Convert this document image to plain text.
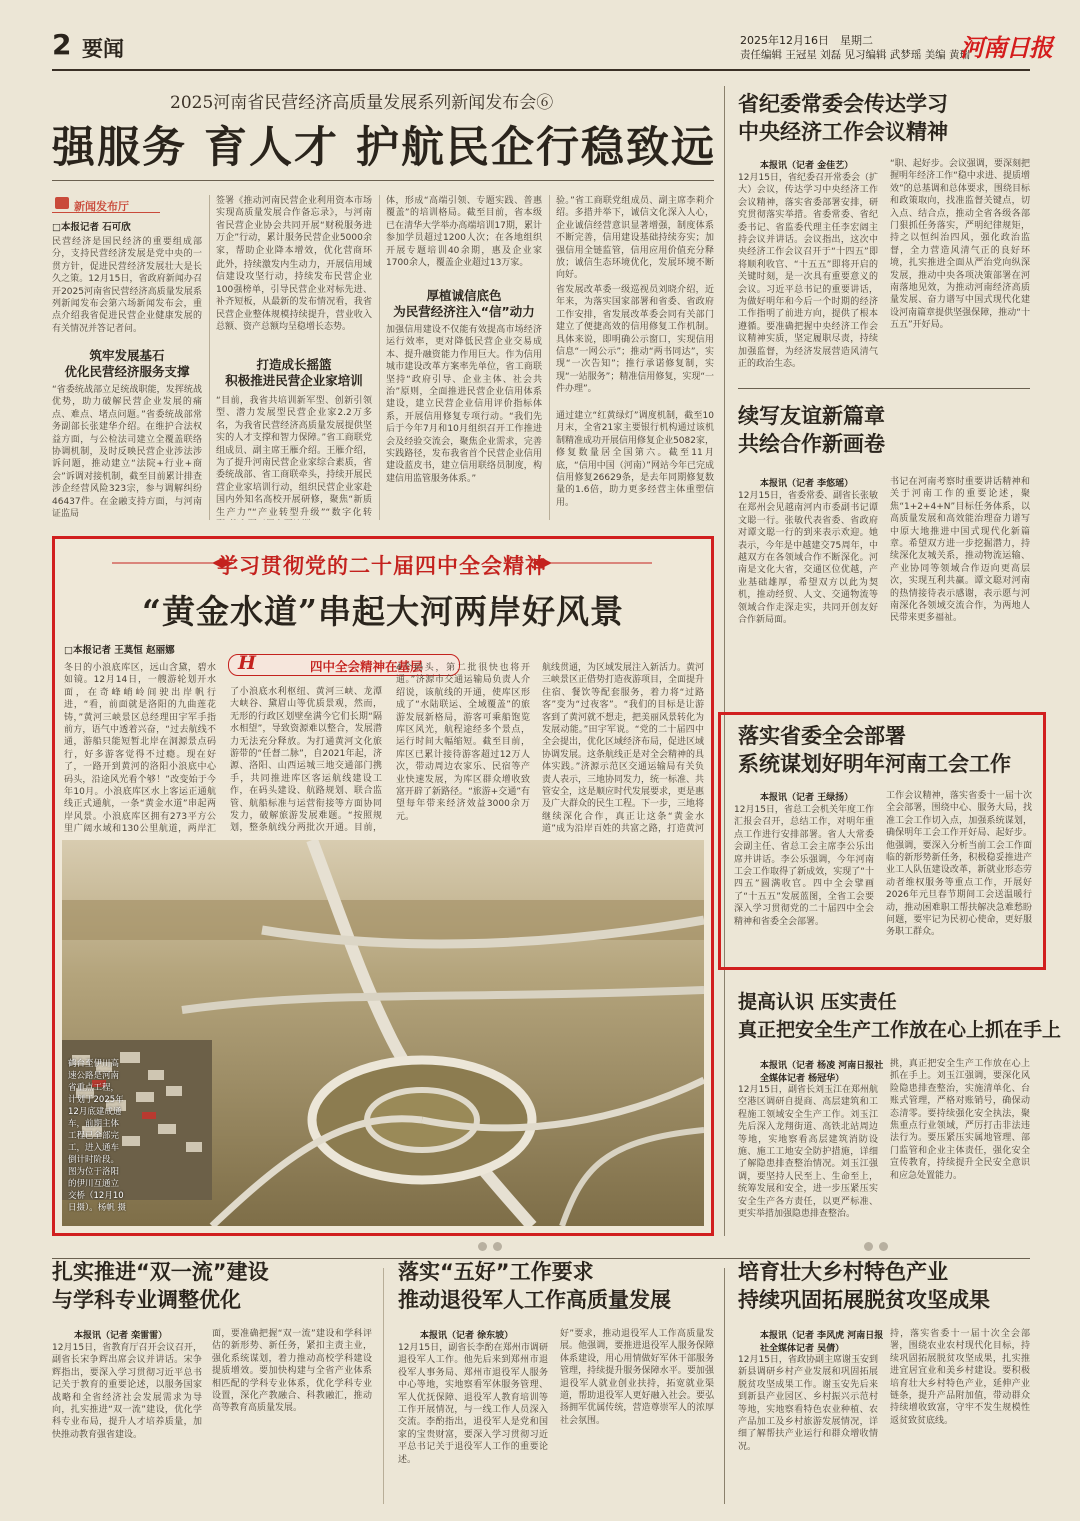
2 要闻	2025年12月16日　星期二
责任编辑 王冠星 刘磊 见习编辑 武梦瑶 美编 黄瑞
河南日报
2025河南省民营经济高质量发展系列新闻发布会⑥
强服务 育人才 护航民企行稳致远
新闻发布厅
□本报记者 石可欣
民营经济是国民经济的重要组成部分，支持民营经济发展是党中央的一贯方针，促进民营经济发展壮大是长久之策。12月15日，省政府新闻办召开2025河南省民营经济高质量发展系列新闻发布会第六场新闻发布会，重点介绍我省促进民营企业健康发展的有关情况并答记者问。
筑牢发展基石
优化民营经济服务支撑
“省委统战部立足统战职能，发挥统战优势，助力破解民营企业发展的痛点、难点、堵点问题。”省委统战部常务副部长张建华介绍。在维护合法权益方面，与公检法司建立全覆盖联络协调机制，及时反映民营企业涉法涉诉问题，推动建立“法院+行业+商会”诉调对接机制，截至目前累计排查涉企经营风险323宗，参与调解纠纷46437件。在金融支持方面，与河南证监局
签署《推动河南民营企业利用资本市场实现高质量发展合作备忘录》，与河南省民营企业协会共同开展“财税服务进万企”行动，累计服务民营企业5000余家，帮助企业降本增效，优化营商环
此外，持续激发内生动力，开展信用域信建设攻坚行动，持续发布民营企业100强榜单，引导民营企业对标先进、补齐短板，从最新的发布情况看，我省民营企业整体规模持续提升，营业收入总额、资产总额均呈稳增长态势。
打造成长摇篮
积极推进民营企业家培训
“目前，我省共培训新军型、创新引领型、潜力发展型民营企业家2.2万多名，为我省民营经济高质量发展提供坚实的人才支撑和智力保障。”省工商联党组成员、副主席王雁介绍。王雁介绍，为了提升河南民营企业家综合素质，省委统战部、省工商联牵头，持续开展民营企业家培训行动，组织民营企业家赴国内外知名高校开展研修，聚焦“新质生产力”“产业转型升级”“数字化转
体，形成“高端引领、专题实践、普惠覆盖”的培训格局。截至目前，省本级已在清华大学举办高端培训17期，累计参加学员超过1200人次；在各地组织开展专题培训40余期，惠及企业家1700余人，覆盖企业超过13万家。
厚植诚信底色
为民营经济注入“信”动力
加强信用建设不仅能有效提高市场经济运行效率，更对降低民营企业交易成本、提升融资能力作用巨大。作为信用城市建设改革方案率先单位，省工商联坚持“政府引导、企业主体、社会共治”原则，全面推进民营企业信用体系建设，建立民营企业信用评价指标体系，开展信用修复专项行动。“我们先后于今年7月和10月组织召开工作推进会及经验交流会，聚焦企业需求，完善实践路径，发布我省首个民营企业信用建设蓝皮书，建立信用联络员制度，构建信用监管服务体系。”
验。”省工商联党组成员、副主席李莉介绍。多措并举下，诚信文化深入人心，企业诚信经营意识显著增强，制度体系不断完善，信用建设基础持续夯实；加强信用全链监管，信用应用价值充分释放；诚信生态环境优化，发展环境不断向好。
省发展改革委一级巡视员刘晓介绍，近年来，为落实国家部署和省委、省政府工作安排，省发展改革委会同有关部门建立了便捷高效的信用修复工作机制。具体来说，即明确公示窗口，实现信用信息“一网公示”；推动“两书同达”，实现“一次告知”；推行承诺修复制，实现“一站服务”；精准信用修复，实现“一件办理”。
通过建立“红黄绿灯”调度机制，截至10月末，全省21家主要银行机构通过该机制精准成功开展信用修复企业5082家，修复数量居全国第六。截至11月底，“信用中国（河南）”网站今年已完成信用修复26629条，是去年同期修复数量的1.6倍，助力更多经营主体重塑信用。
学习贯彻党的二十届四中全会精神
“黄金水道”串起大河两岸好风景
□本报记者 王莫恒 赵丽娜
H	四中全会精神在基层
冬日的小浪底库区，远山含黛，碧水如镜。12月14日，一艘游轮划开水面，在奇峰峭岭间驶出岸帆行进，“看，前面就是洛阳的九曲莲花铸，”黄河三峡景区总经理田宇军手指前方，语气中透着兴奋，“过去航线不通，游船只能短暂北岸在洞源景点码行，好多游客觉得不过瘾。现在好了，一路开到黄河的洛阳小浪底中心码头，沿途风光看个够！”改变始于今年10月。小浪底库区水上客运正通航线正式通航，一条“黄金水道”串起两岸风景。小浪底库区拥有273平方公里广阔水域和130公里航道，两岸汇
了小浪底水利枢纽、黄河三峡、龙潭大峡谷、黛眉山等优质景观，然而，无形的行政区划壁垒满今它们长期“隔水相望”，导致资源难以整合，发展潜力无法充分释放。为打通黄河文化旅游带的“任督二脉”，自2021年起，济源、洛阳、山西运城三地交通部门携手，共同推进库区客运航线建设工作，在码头建设、航路规划、联合监管、航船标准与运营衔接等方面协同发力，破解旅游发展难题。“按照规划，整条航线分两批次开通。目前，
4个码头，第二批很快也将开通。”济源市交通运输局负责人介绍说，该航线的开通，使库区形成了“水陆联运、全域覆盖”的旅游发展新格局，游客可乘船饱览库区风光，航程途经多个景点，运行时间大幅缩短。截至目前，库区已累计接待游客超过12万人次，带动周边农家乐、民宿等产业快速发展，为库区群众增收致富开辟了新路径。“旅游+交通”有望每年带来经济效益3000余万元。
航线贯通，为区域发展注入新活力。黄河三峡景区正借势打造夜游项目，全面提升住宿、餐饮等配套服务，着力将“过路客”变为“过夜客”。“我们的目标是让游客到了黄河就不想走，把美丽风景转化为发展动能。”田宇军说。“党的二十届四中全会提出，优化区域经济布局，促进区域协调发展。这条航线正是对全会精神的具体实践。”济源示范区交通运输局有关负责人表示，三地协同发力，统一标准、共管安全，这是顺应时代发展要求，更是惠及广大群众的民生工程。下一步，三地将继续深化合作，真正让这条“黄金水道”成为沿岸百姓的共富之路，打造黄河
鹤台至伊川高速公路是河南省重点工程，计划于2025年12月底建成通车，前期主体工程已全部完工，进入通车倒计时阶段。图为位于洛阳的伊川互通立交桥（12月10日摄）。杨帆 摄
省纪委常委会传达学习
中央经济工作会议精神
本报讯（记者 金佳艺）
12月15日，省纪委召开常委会（扩大）会议，传达学习中央经济工作会议精神，落实省委部署安排，研究贯彻落实举措。省委常委、省纪委书记、省监委代理主任李宏阔主持会议并讲话。会议指出，这次中央经济工作会议召开于“十四五”即将顺利收官、“十五五”即将开启的关键时刻，是一次具有重要意义的会议。习近平总书记的重要讲话，为做好明年和今后一个时期的经济工作指明了前进方向，提供了根本遵循。要准确把握中央经济工作会议精神实质，坚定履职尽责，持续加强监督，为经济发展营造风清气正的政治生态。
“职、起好步。会议强调，要深刻把握明年经济工作“稳中求进、提质增效”的总基调和总体要求，围绕目标和政策取向，找准监督关键点，切入点、结合点，推动全省各级各部门狠抓任务落实，严明纪律规矩，持之以恒纠治四风，强化政治监督，全力营造风清气正的良好环境，扎实推进全面从严治党向纵深发展，推动中央各项决策部署在河南落地见效，为推动河南经济高质量发展、奋力谱写中国式现代化建设河南篇章提供坚强保障，推动“十五五”开好局。
续写友谊新篇章
共绘合作新画卷
本报讯（记者 李悠瑶）
12月15日，省委常委、副省长张敏在郑州会见越南河内市委副书记谭文聪一行。张敏代表省委、省政府对谭文聪一行的到来表示欢迎。她表示，今年是中越建交75周年，中越双方在各领域合作不断深化。河南是文化大省，交通区位优越，产业基础雄厚，希望双方以此为契机，推动经贸、人文、交通物流等领域合作走深走实，共同开创友好合作新局面。
书记在河南考察时重要讲话精神和关于河南工作的重要论述，聚焦“1+2+4+N”目标任务体系，以高质量发展和高效能治理奋力谱写中原大地推进中国式现代化新篇章。希望双方进一步挖掘潜力，持续深化友城关系，推动物流运输、产业协同等领域合作迈向更高层次，实现互利共赢。谭文聪对河南的热情接待表示感谢，表示愿与河南深化各领域交流合作，为两地人民带来更多福祉。
落实省委全会部署
系统谋划好明年河南工会工作
本报讯（记者 王绿扬）
12月15日，省总工会机关年度工作汇报会召开，总结工作，对明年重点工作进行安排部署。省人大常委会副主任、省总工会主席李公乐出席并讲话。李公乐强调，今年河南工会工作取得了新成效，实现了“十四五”圆满收官。四中全会擘画了“十五五”发展蓝图，全省工会要深入学习贯彻党的二十届四中全会精神和省委全会部署。
工作会议精神，落实省委十一届十次全会部署，围绕中心、服务大局，找准工会工作切入点，加强系统谋划，确保明年工会工作开好局、起好步。他强调，要深入分析当前工会工作面临的新形势新任务，积极稳妥推进产业工人队伍建设改革，新就业形态劳动者维权服务等重点工作，开展好2026年元旦春节期间工会送温暖行动，推动困难职工帮扶解决急难愁盼问题，要牢记为民初心使命，更好服务职工群众。
提高认识 压实责任
真正把安全生产工作放在心上抓在手上
本报讯（记者 杨凌 河南日报社全媒体记者 杨冠华）
12月15日，副省长刘玉江在郑州航空港区调研自提商、高层建筑和工程施工领域安全生产工作。刘玉江先后深入龙翔街道、高铁北站周边等地，实地察看高层建筑消防设施、施工工地安全防护措施，详细了解隐患排查整治情况。刘玉江强调，要坚持人民至上、生命至上，统筹发展和安全，进一步压紧压实安全生产各方责任，以更严标准、更实举措加强隐患排查整治。
挑，真正把安全生产工作放在心上抓在手上。刘玉江强调，要深化风险隐患排查整治，实施清单化、台账式管理，严格对账销号，确保动态清零。要持续强化安全执法，聚焦重点行业领域，严厉打击非法违法行为。要压紧压实属地管理、部门监管和企业主体责任，强化安全宣传教育，持续提升全民安全意识和应急处置能力。
扎实推进“双一流”建设
与学科专业调整优化
本报讯（记者 栾雷雷）
12月15日，省教育厅召开会议召开，副省长宋争辉出席会议并讲话。宋争辉指出，要深入学习贯彻习近平总书记关于教育的重要论述，以服务国家战略和全省经济社会发展需求为导向，扎实推进“双一流”建设，优化学科专业布局，提升人才培养质量，加快推动教育强省建设。
面，要准确把握“双一流”建设和学科评估的新形势、新任务，紧扣主责主业，强化系统谋划，着力推动高校学科建设提质增效。要加快构建与全省产业体系相匹配的学科专业体系，优化学科专业设置，深化产教融合、科教融汇，推动高等教育高质量发展。
落实“五好”工作要求
推动退役军人工作高质量发展
本报讯（记者 徐东坡）
12月15日，副省长李酌在郑州市调研退役军人工作。他先后来到郑州市退役军人事务局、郑州市退役军人服务中心等地，实地察看军休服务管理、军人优抚保障、退役军人教育培训等工作开展情况，与一线工作人员深入交流。李酌指出，退役军人是党和国家的宝贵财富，要深入学习贯彻习近平总书记关于退役军人工作的重要论述。
好”要求，推动退役军人工作高质量发展。他强调，要推进退役军人服务保障体系建设，用心用情做好军休干部服务管理，持续提升服务保障水平。要加强退役军人就业创业扶持，拓宽就业渠道，帮助退役军人更好融入社会。要弘扬拥军优属传统，营造尊崇军人的浓厚社会氛围。
培育壮大乡村特色产业
持续巩固拓展脱贫攻坚成果
本报讯（记者 李风虎 河南日报社全媒体记者 吴倩）
12月15日，省政协副主席谢玉安到新县调研乡村产业发展和巩固拓展脱贫攻坚成果工作。谢玉安先后来到新县产业园区、乡村振兴示范村等地，实地察看特色农业种植、农产品加工及乡村旅游发展情况，详细了解帮扶产业运行和群众增收情况。
持，落实省委十一届十次全会部署，围绕农业农村现代化目标，持续巩固拓展脱贫攻坚成果，扎实推进宜居宜业和美乡村建设。要积极培育壮大乡村特色产业，延伸产业链条，提升产品附加值，带动群众持续增收致富，守牢不发生规模性返贫致贫底线。
